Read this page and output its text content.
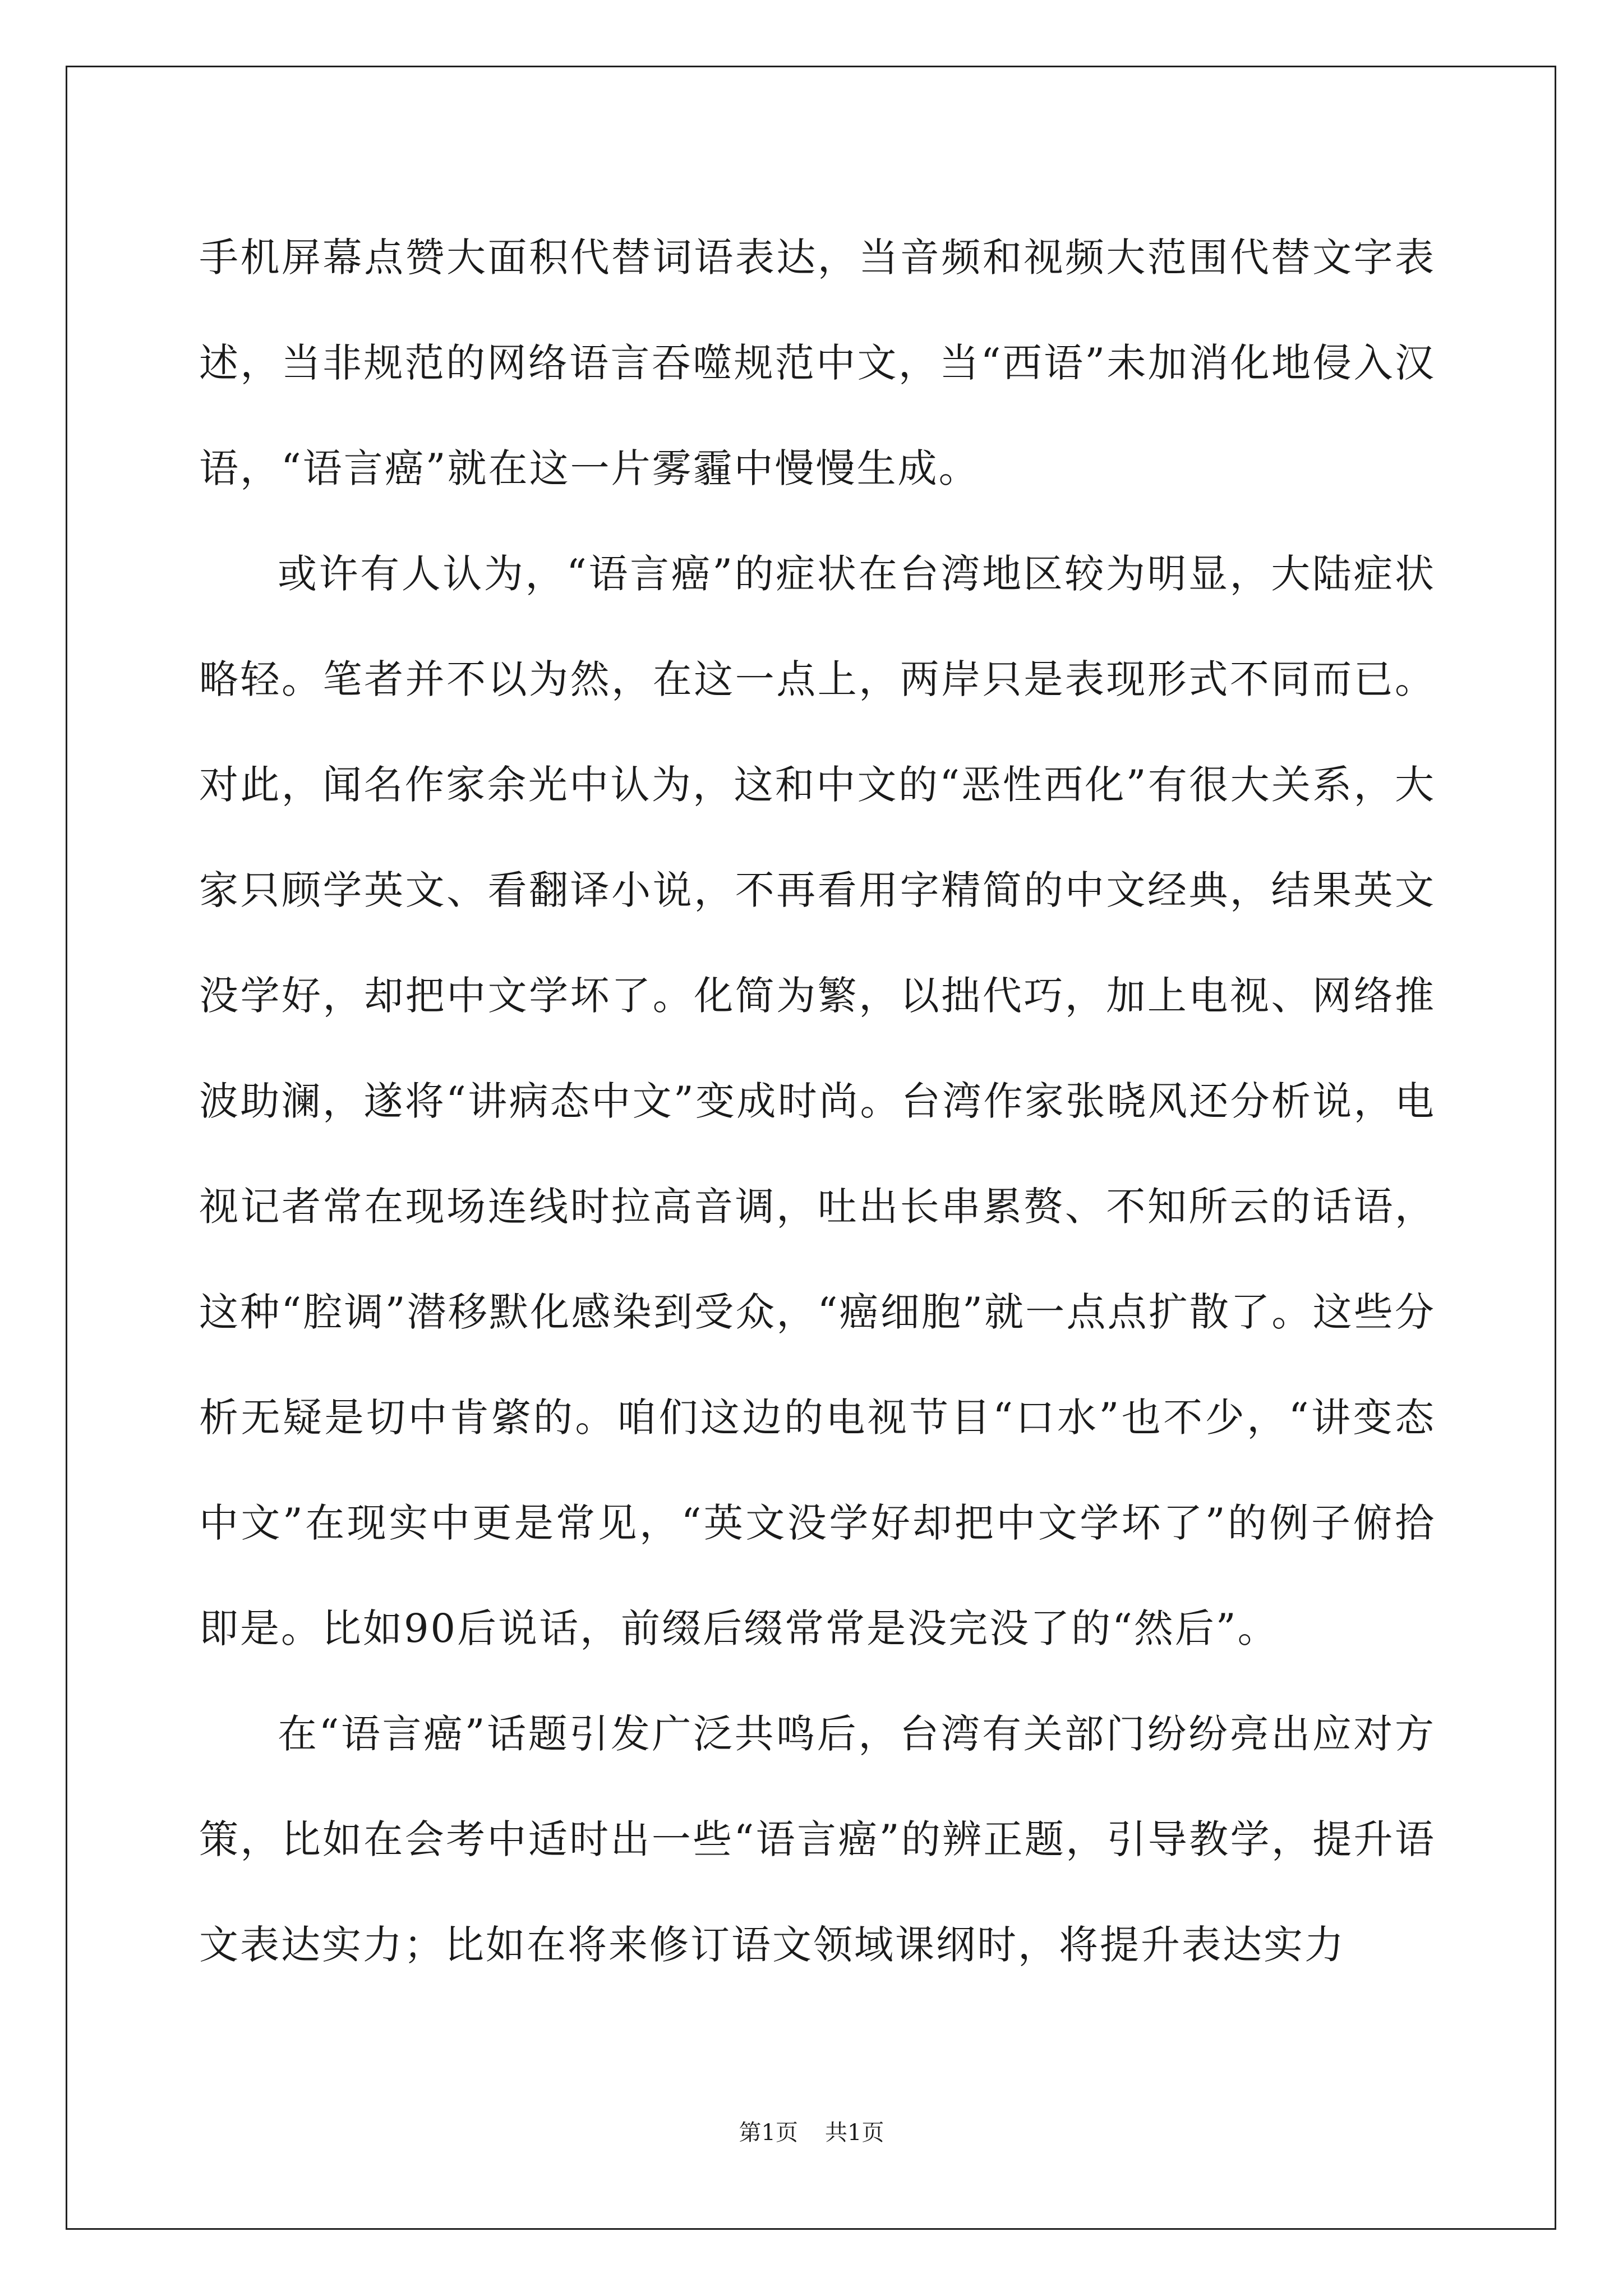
手机屏幕点赞大面积代替词语表达，当音频和视频大范围代替文字表述，当非规范的网络语言吞噬规范中文，当“西语”未加消化地侵入汉语，“语言癌”就在这一片雾霾中慢慢生成。

或许有人认为，“语言癌”的症状在台湾地区较为明显，大陆症状略轻。笔者并不以为然，在这一点上，两岸只是表现形式不同而已。对此，闻名作家余光中认为，这和中文的“恶性西化”有很大关系，大家只顾学英文、看翻译小说，不再看用字精简的中文经典，结果英文没学好，却把中文学坏了。化简为繁，以拙代巧，加上电视、网络推波助澜，遂将“讲病态中文”变成时尚。台湾作家张晓风还分析说，电视记者常在现场连线时拉高音调，吐出长串累赘、不知所云的话语，这种“腔调”潜移默化感染到受众，“癌细胞”就一点点扩散了。这些分析无疑是切中肯綮的。咱们这边的电视节目“口水”也不少，“讲变态中文”在现实中更是常见，“英文没学好却把中文学坏了”的例子俯拾即是。比如90后说话，前缀后缀常常是没完没了的“然后”。

在“语言癌”话题引发广泛共鸣后，台湾有关部门纷纷亮出应对方策，比如在会考中适时出一些“语言癌”的辨正题，引导教学，提升语文表达实力；比如在将来修订语文领域课纲时，将提升表达实力

第1页 共1页
